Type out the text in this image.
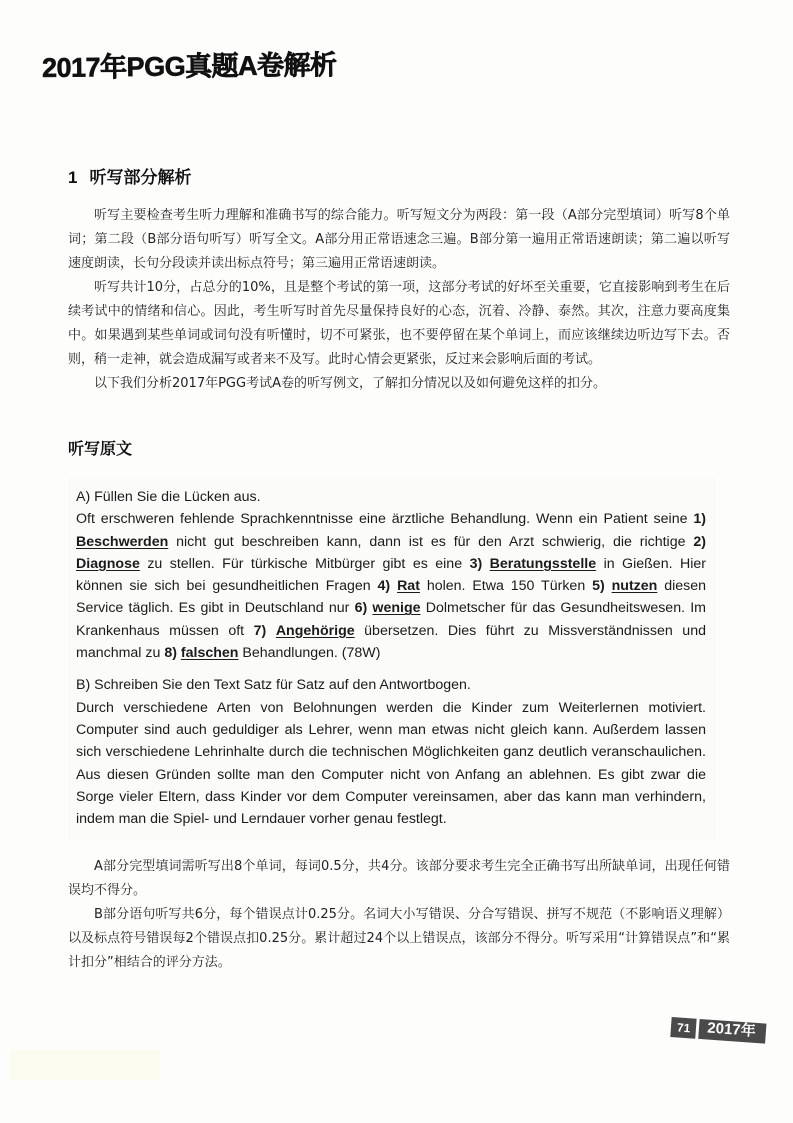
2017年PGG真题A卷解析
1 听写部分解析

听写主要检查考生听力理解和准确书写的综合能力。听写短文分为两段：第一段（A部分完型填词）听写8个单词；第二段（B部分语句听写）听写全文。A部分用正常语速念三遍。B部分第一遍用正常语速朗读；第二遍以听写速度朗读，长句分段读并读出标点符号；第三遍用正常语速朗读。

听写共计10分，占总分的10%，且是整个考试的第一项，这部分考试的好坏至关重要，它直接影响到考生在后续考试中的情绪和信心。因此，考生听写时首先尽量保持良好的心态，沉着、冷静、泰然。其次，注意力要高度集中。如果遇到某些单词或词句没有听懂时，切不可紧张，也不要停留在某个单词上，而应该继续边听边写下去。否则，稍一走神，就会造成漏写或者来不及写。此时心情会更紧张，反过来会影响后面的考试。

以下我们分析2017年PGG考试A卷的听写例文，了解扣分情况以及如何避免这样的扣分。

听写原文

A) Füllen Sie die Lücken aus.
Oft erschweren fehlende Sprachkenntnisse eine ärztliche Behandlung. Wenn ein Patient seine 1) Beschwerden nicht gut beschreiben kann, dann ist es für den Arzt schwierig, die richtige 2) Diagnose zu stellen. Für türkische Mitbürger gibt es eine 3) Beratungsstelle in Gießen. Hier können sie sich bei gesundheitlichen Fragen 4) Rat holen. Etwa 150 Türken 5) nutzen diesen Service täglich. Es gibt in Deutschland nur 6) wenige Dolmetscher für das Gesundheitswesen. Im Krankenhaus müssen oft 7) Angehörige übersetzen. Dies führt zu Missverständnissen und manchmal zu 8) falschen Behandlungen. (78W)

B) Schreiben Sie den Text Satz für Satz auf den Antwortbogen.
Durch verschiedene Arten von Belohnungen werden die Kinder zum Weiterlernen motiviert. Computer sind auch geduldiger als Lehrer, wenn man etwas nicht gleich kann. Außerdem lassen sich verschiedene Lehrinhalte durch die technischen Möglichkeiten ganz deutlich veranschaulichen. Aus diesen Gründen sollte man den Computer nicht von Anfang an ablehnen. Es gibt zwar die Sorge vieler Eltern, dass Kinder vor dem Computer vereinsamen, aber das kann man verhindern, indem man die Spiel- und Lerndauer vorher genau festlegt.

A部分完型填词需听写出8个单词，每词0.5分，共4分。该部分要求考生完全正确书写出所缺单词，出现任何错误均不得分。

B部分语句听写共6分，每个错误点计0.25分。名词大小写错误、分合写错误、拼写不规范（不影响语义理解）以及标点符号错误每2个错误点扣0.25分。累计超过24个以上错误点，该部分不得分。听写采用“计算错误点”和“累计扣分”相结合的评分方法。

71	2017年
